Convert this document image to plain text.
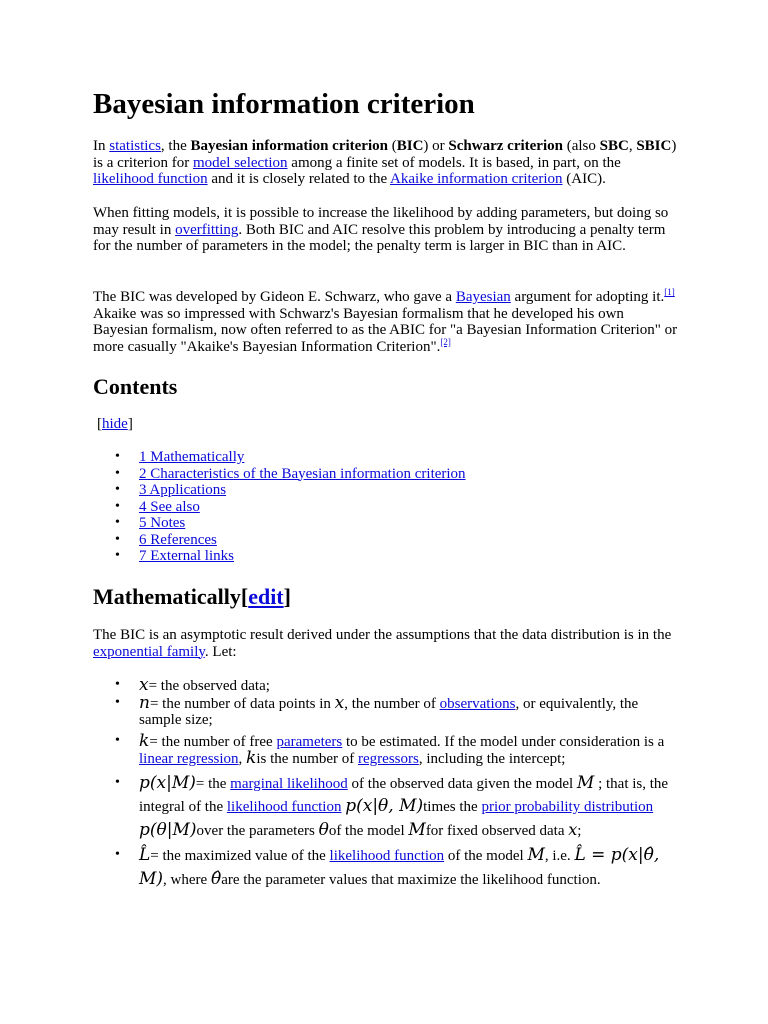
Bayesian information criterion

In statistics, the Bayesian information criterion (BIC) or Schwarz criterion (also SBC, SBIC) is a criterion for model selection among a finite set of models. It is based, in part, on the likelihood function and it is closely related to the Akaike information criterion (AIC).

When fitting models, it is possible to increase the likelihood by adding parameters, but doing so may result in overfitting. Both BIC and AIC resolve this problem by introducing a penalty term for the number of parameters in the model; the penalty term is larger in BIC than in AIC.

The BIC was developed by Gideon E. Schwarz, who gave a Bayesian argument for adopting it.[1] Akaike was so impressed with Schwarz's Bayesian formalism that he developed his own Bayesian formalism, now often referred to as the ABIC for "a Bayesian Information Criterion" or more casually "Akaike's Bayesian Information Criterion".[2]

Contents

[hide]

• 1 Mathematically
• 2 Characteristics of the Bayesian information criterion
• 3 Applications
• 4 See also
• 5 Notes
• 6 References
• 7 External links
Mathematically[edit]

The BIC is an asymptotic result derived under the assumptions that the data distribution is in the exponential family. Let:

• x= the observed data;
• n= the number of data points in x, the number of observations, or equivalently, the sample size;
• k= the number of free parameters to be estimated. If the model under consideration is a linear regression, kis the number of regressors, including the intercept;
• p(x|M)= the marginal likelihood of the observed data given the model M ; that is, the integral of the likelihood function p(x|θ, M)times the prior probability distribution p(θ|M)over the parameters θof the model Mfor fixed observed data x;
• L̂= the maximized value of the likelihood function of the model M, i.e. L̂ = p(x|θ̂, M), where θ̂are the parameter values that maximize the likelihood function.
